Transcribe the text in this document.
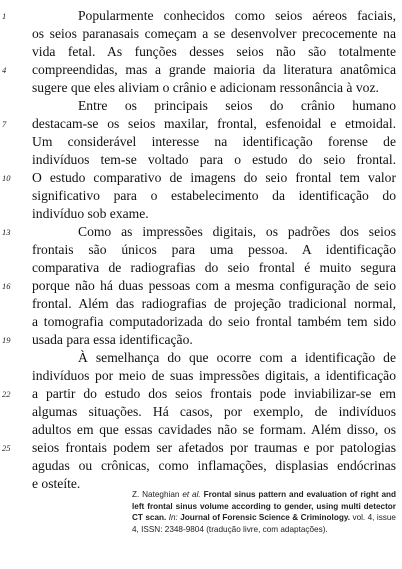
1
4
7
10
13
16
19
22
25
Popularmente conhecidos como seios aéreos faciais,
os seios paranasais começam a se desenvolver precocemente na
vida fetal. As funções desses seios não são totalmente
compreendidas, mas a grande maioria da literatura anatômica
sugere que eles aliviam o crânio e adicionam ressonância à voz.
Entre os principais seios do crânio humano
destacam-se os seios maxilar, frontal, esfenoidal e etmoidal.
Um considerável interesse na identificação forense de
indivíduos tem-se voltado para o estudo do seio frontal.
O estudo comparativo de imagens do seio frontal tem valor
significativo para o estabelecimento da identificação do
indivíduo sob exame.
Como as impressões digitais, os padrões dos seios
frontais são únicos para uma pessoa. A identificação
comparativa de radiografias do seio frontal é muito segura
porque não há duas pessoas com a mesma configuração de seio
frontal. Além das radiografias de projeção tradicional normal,
a tomografia computadorizada do seio frontal também tem sido
usada para essa identificação.
À semelhança do que ocorre com a identificação de
indivíduos por meio de suas impressões digitais, a identificação
a partir do estudo dos seios frontais pode inviabilizar-se em
algumas situações. Há casos, por exemplo, de indivíduos
adultos em que essas cavidades não se formam. Além disso, os
seios frontais podem ser afetados por traumas e por patologias
agudas ou crônicas, como inflamações, displasias endócrinas
e osteíte.
Z. Nateghian et al. Frontal sinus pattern and evaluation of right and left frontal sinus volume according to gender, using multi detector CT scan. In: Journal of Forensic Science & Criminology. vol. 4, issue 4, ISSN: 2348-9804 (tradução livre, com adaptações).
